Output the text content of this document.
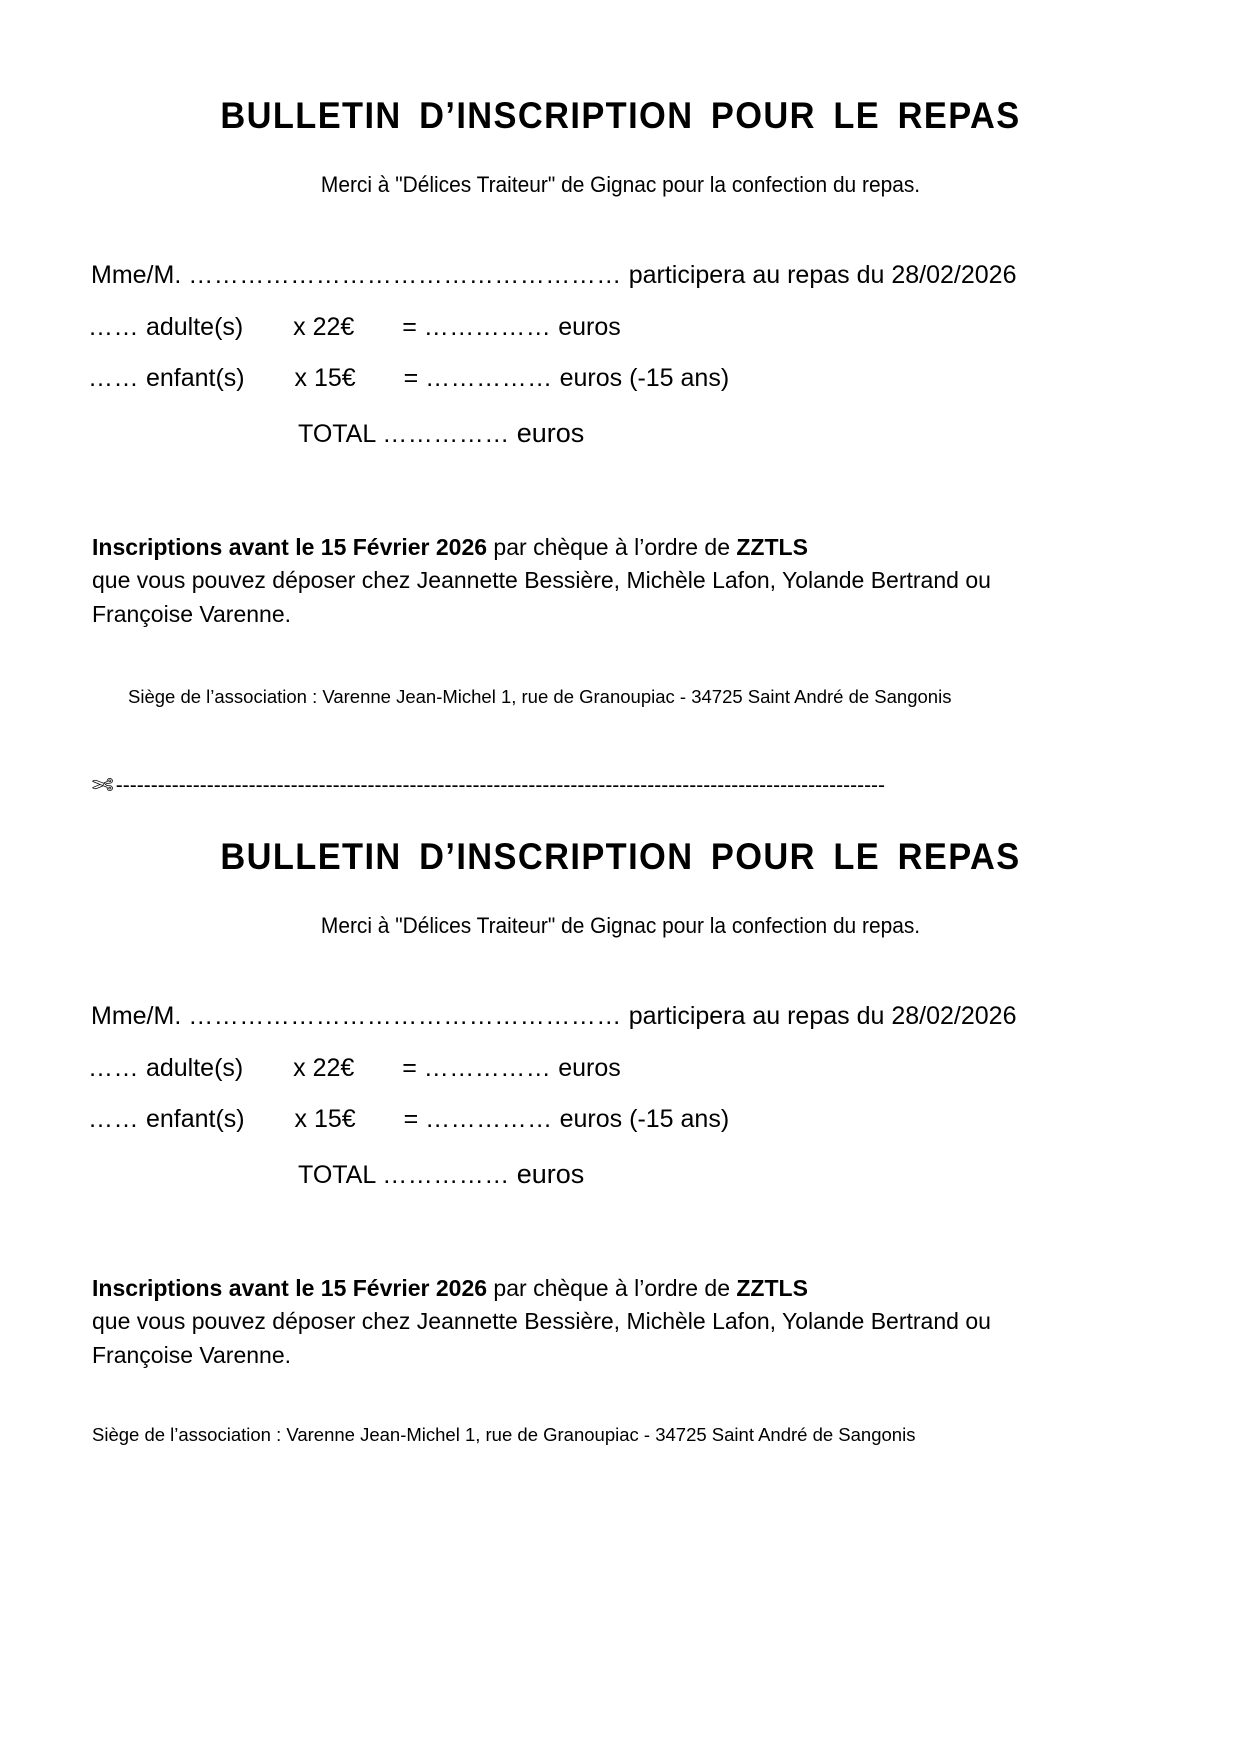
BULLETIN D’INSCRIPTION POUR LE REPAS
Merci à "Délices Traiteur" de Gignac pour la confection du repas.
Mme/M. …………………………………………… participera au repas du 28/02/2026
…… adulte(s) x 22€ = …………… euros
…… enfant(s) x 15€ = …………… euros (-15 ans)
TOTAL …………… euros
Inscriptions avant le 15 Février 2026 par chèque à l’ordre de ZZTLS
que vous pouvez déposer chez Jeannette Bessière, Michèle Lafon, Yolande Bertrand ou
Françoise Varenne.
Siège de l’association : Varenne Jean-Michel 1, rue de Granoupiac - 34725 Saint André de Sangonis
✄ --------------------------------------------------------------------------------------------------------------
BULLETIN D’INSCRIPTION POUR LE REPAS
Merci à "Délices Traiteur" de Gignac pour la confection du repas.
Mme/M. …………………………………………… participera au repas du 28/02/2026
…… adulte(s) x 22€ = …………… euros
…… enfant(s) x 15€ = …………… euros (-15 ans)
TOTAL …………… euros
Inscriptions avant le 15 Février 2026 par chèque à l’ordre de ZZTLS
que vous pouvez déposer chez Jeannette Bessière, Michèle Lafon, Yolande Bertrand ou
Françoise Varenne.
Siège de l’association : Varenne Jean-Michel 1, rue de Granoupiac - 34725 Saint André de Sangonis
